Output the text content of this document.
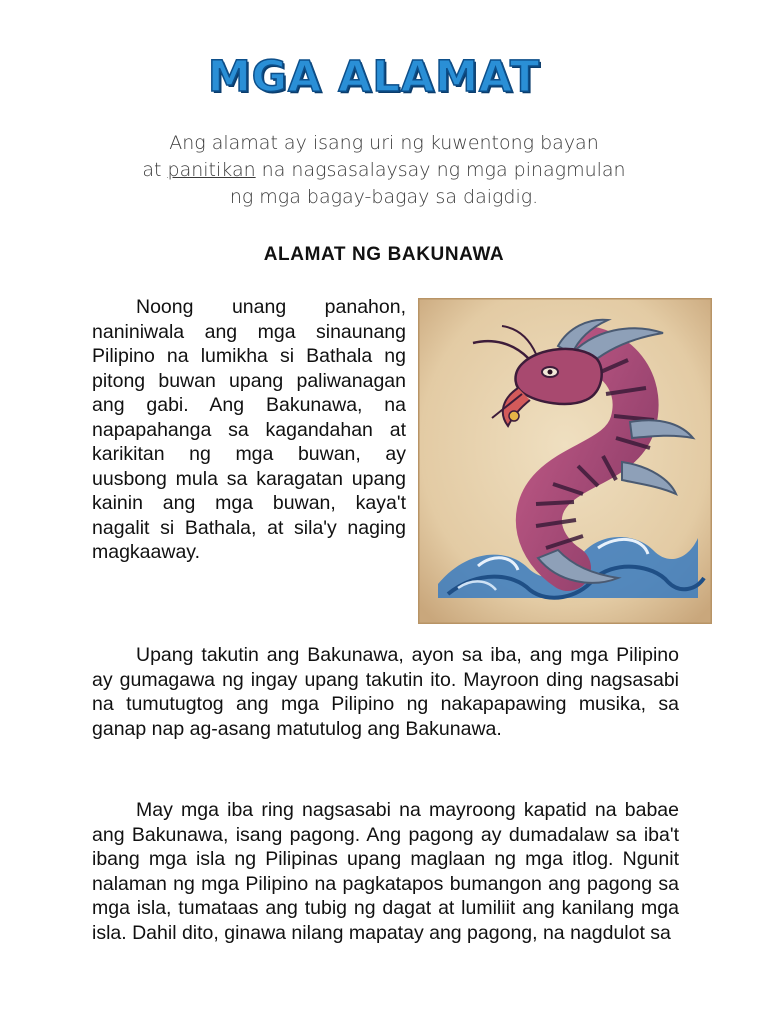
MGA ALAMAT
Ang alamat ay isang uri ng kuwentong bayan
at panitikan na nagsasalaysay ng mga pinagmulan
ng mga bagay-bagay sa daigdig.
ALAMAT NG BAKUNAWA

Noong unang panahon, naniniwala ang mga sinaunang Pilipino na lumikha si Bathala ng pitong buwan upang paliwanagan ang gabi. Ang Bakunawa, na napapahanga sa kagandahan at karikitan ng mga buwan, ay uusbong mula sa karagatan upang kainin ang mga buwan, kaya't nagalit si Bathala, at sila'y naging magkaaway.

Upang takutin ang Bakunawa, ayon sa iba, ang mga Pilipino ay gumagawa ng ingay upang takutin ito. Mayroon ding nagsasabi na tumutugtog ang mga Pilipino ng nakapapawing musika, sa ganap nap ag-asang matutulog ang Bakunawa.

May mga iba ring nagsasabi na mayroong kapatid na babae ang Bakunawa, isang pagong. Ang pagong ay dumadalaw sa iba't ibang mga isla ng Pilipinas upang maglaan ng mga itlog. Ngunit nalaman ng mga Pilipino na pagkatapos bumangon ang pagong sa mga isla, tumataas ang tubig ng dagat at lumiliit ang kanilang mga isla. Dahil dito, ginawa nilang mapatay ang pagong, na nagdulot sa
